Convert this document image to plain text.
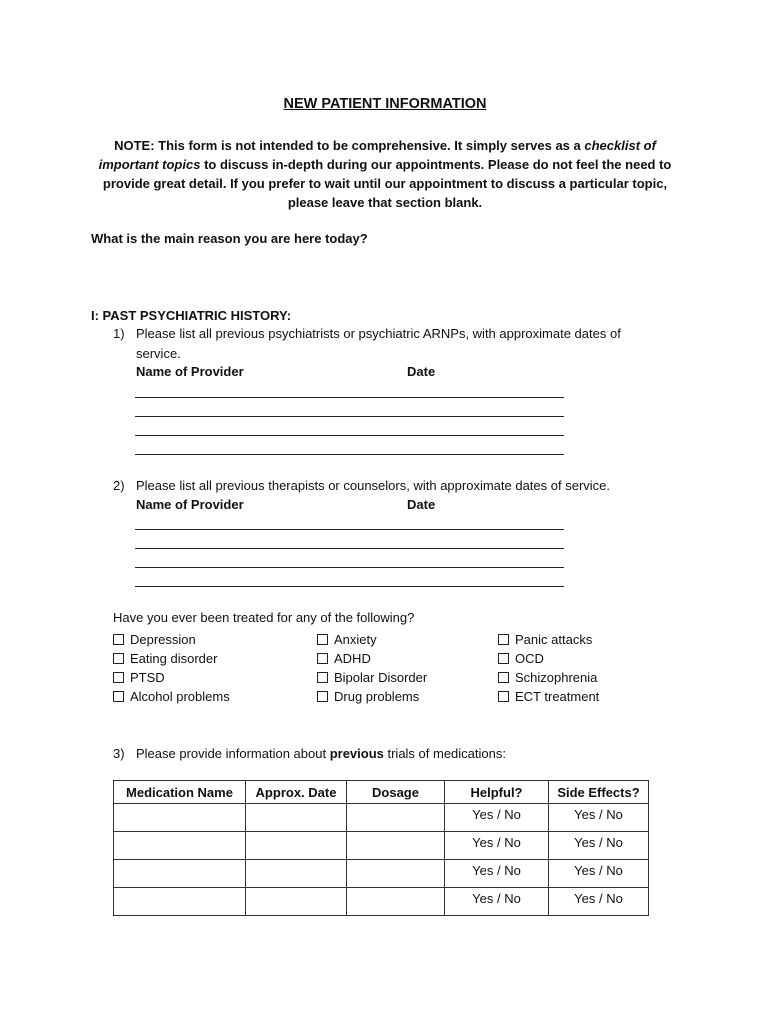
NEW PATIENT INFORMATION
NOTE: This form is not intended to be comprehensive. It simply serves as a checklist of important topics to discuss in-depth during our appointments. Please do not feel the need to provide great detail. If you prefer to wait until our appointment to discuss a particular topic, please leave that section blank.
What is the main reason you are here today?
I: PAST PSYCHIATRIC HISTORY:
1) Please list all previous psychiatrists or psychiatric ARNPs, with approximate dates of
service.
Name of Provider	Date
2) Please list all previous therapists or counselors, with approximate dates of service.
Name of Provider	Date
Have you ever been treated for any of the following?
Depression
Eating disorder
PTSD
Alcohol problems
Anxiety
ADHD
Bipolar Disorder
Drug problems
Panic attacks
OCD
Schizophrenia
ECT treatment
3) Please provide information about previous trials of medications:
Medication Name	Approx. Date	Dosage	Helpful?	Side Effects?
			Yes / No	Yes / No
			Yes / No	Yes / No
			Yes / No	Yes / No
			Yes / No	Yes / No
